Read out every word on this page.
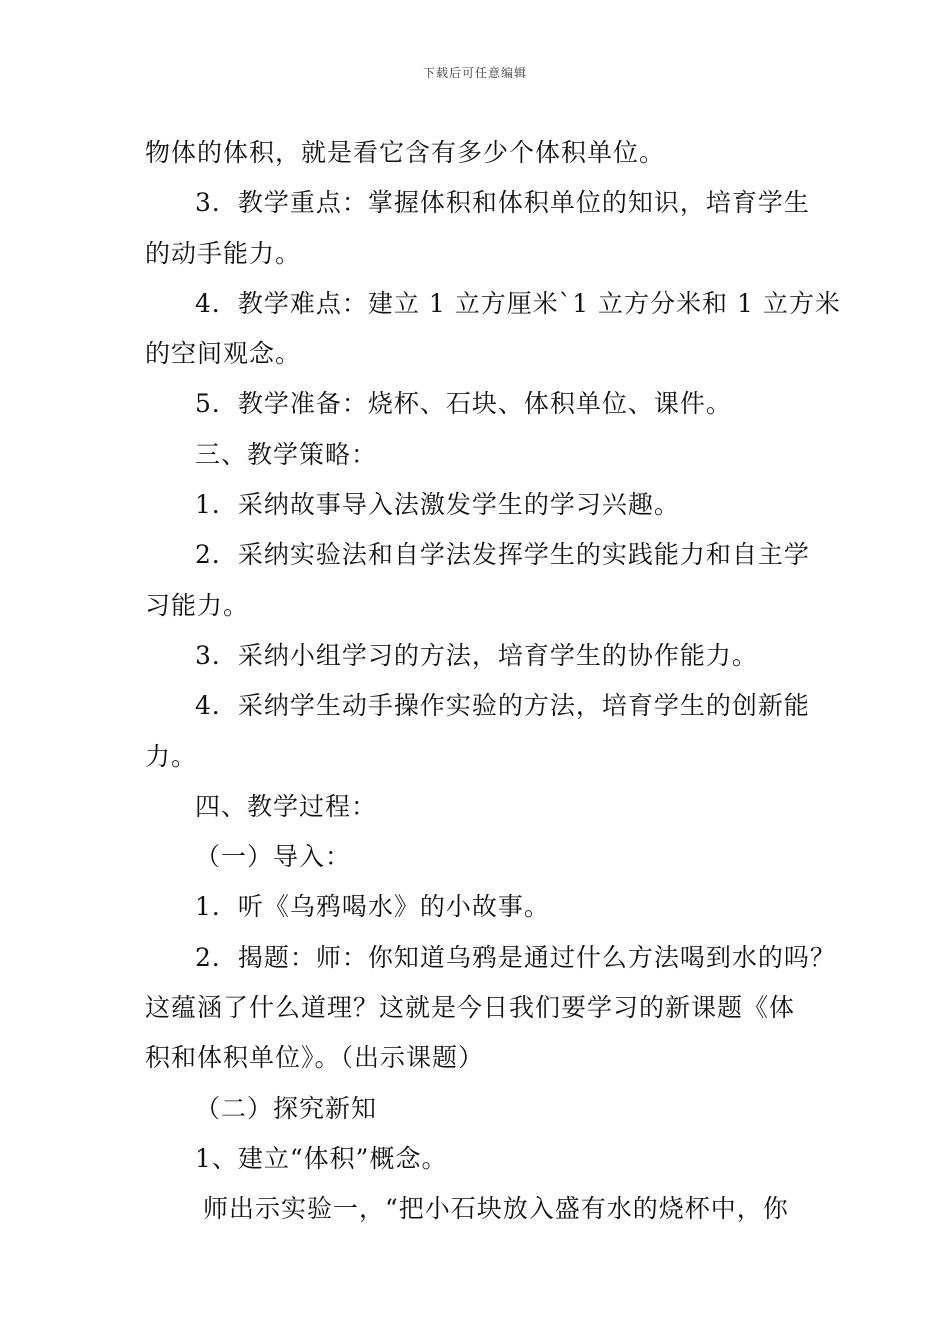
下载后可任意编辑
物体的体积，就是看它含有多少个体积单位。
3．教学重点：掌握体积和体积单位的知识，培育学生
的动手能力。
4．教学难点：建立 1 立方厘米`1 立方分米和 1 立方米
的空间观念。
5．教学准备：烧杯、石块、体积单位、课件。
三、教学策略：
1．采纳故事导入法激发学生的学习兴趣。
2．采纳实验法和自学法发挥学生的实践能力和自主学
习能力。
3．采纳小组学习的方法，培育学生的协作能力。
4．采纳学生动手操作实验的方法，培育学生的创新能
力。
四、教学过程：
（一）导入：
1．听《乌鸦喝水》的小故事。
2．揭题：师：你知道乌鸦是通过什么方法喝到水的吗？
这蕴涵了什么道理？这就是今日我们要学习的新课题《体
积和体积单位》。（出示课题）
（二）探究新知
1、建立“体积”概念。
师出示实验一，“把小石块放入盛有水的烧杯中，你
